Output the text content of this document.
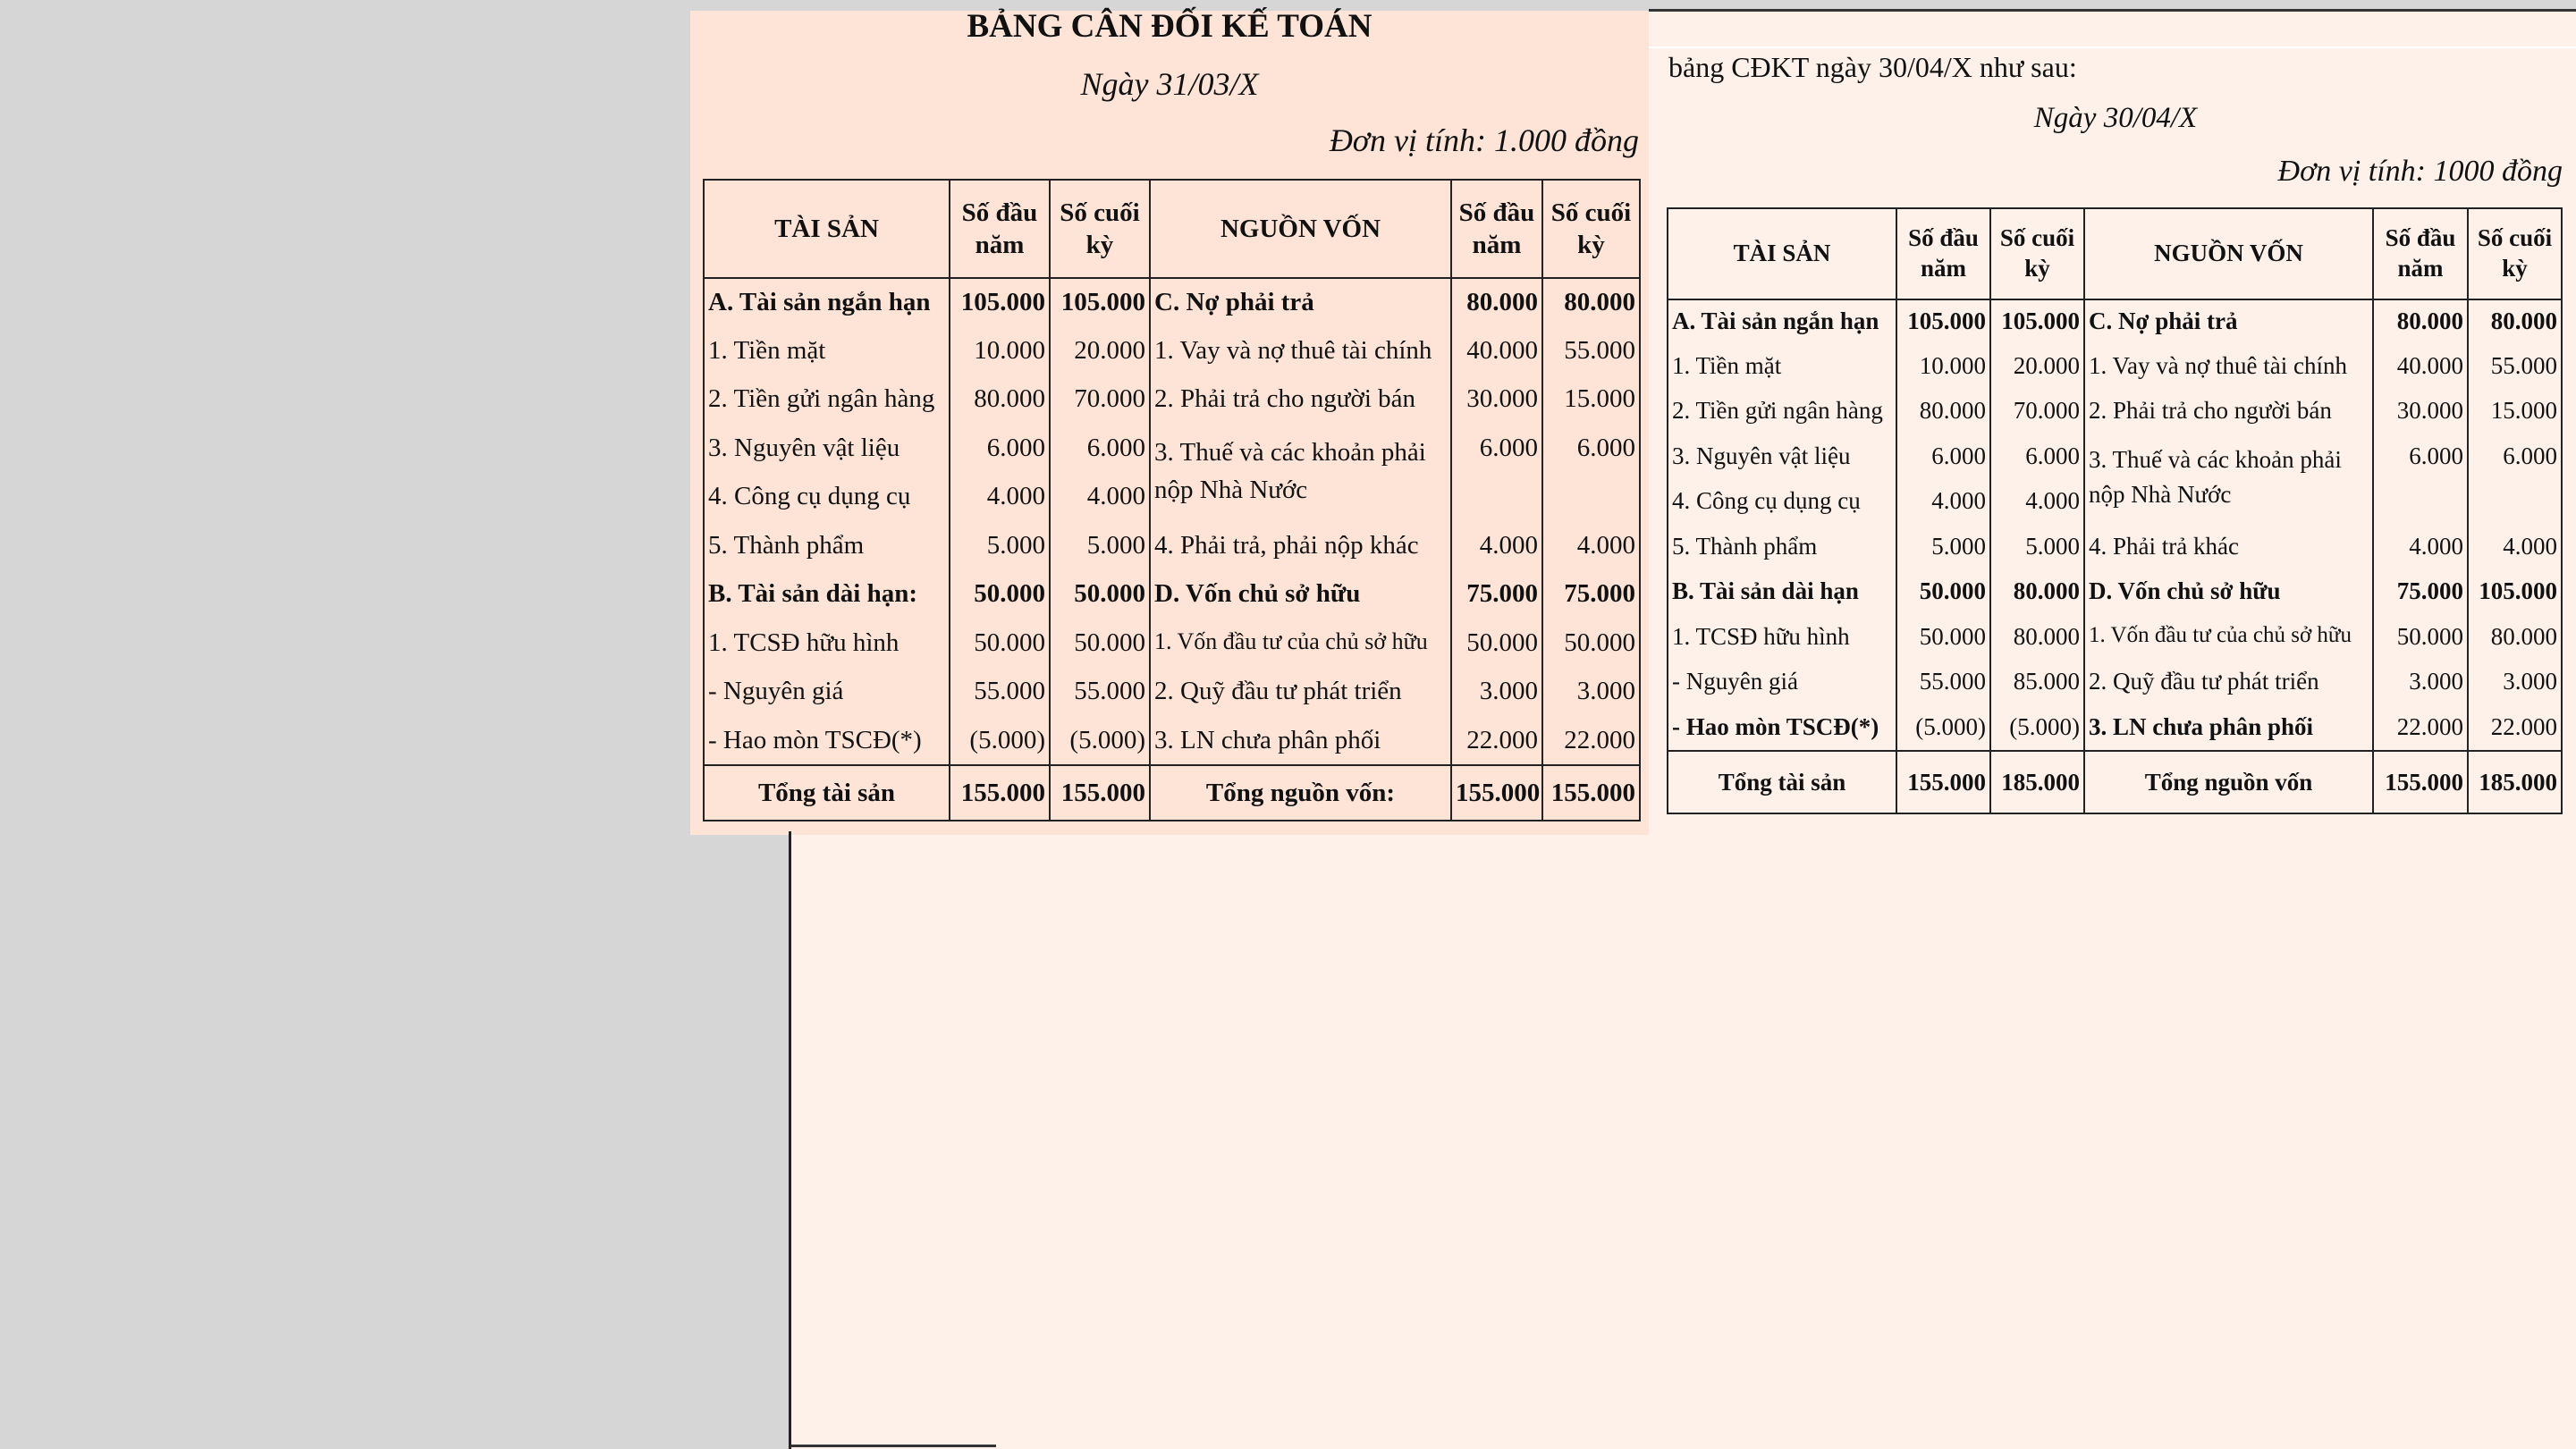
BẢNG CÂN ĐỐI KẾ TOÁN
Ngày 31/03/X
Đơn vị tính: 1.000 đồng
TÀI SẢN	Số đầu năm	Số cuối kỳ	NGUỒN VỐN	Số đầu năm	Số cuối kỳ
A. Tài sản ngắn hạn	105.000	105.000	C. Nợ phải trả	80.000	80.000
1. Tiền mặt	10.000	20.000	1. Vay và nợ thuê tài chính	40.000	55.000
2. Tiền gửi ngân hàng	80.000	70.000	2. Phải trả cho người bán	30.000	15.000
3. Nguyên vật liệu	6.000	6.000	3. Thuế và các khoản phải nộp Nhà Nước	6.000	6.000
4. Công cụ dụng cụ	4.000	4.000			
5. Thành phẩm	5.000	5.000	4. Phải trả, phải nộp khác	4.000	4.000
B. Tài sản dài hạn:	50.000	50.000	D. Vốn chủ sở hữu	75.000	75.000
1. TCSĐ hữu hình	50.000	50.000	1. Vốn đầu tư của chủ sở hữu	50.000	50.000
- Nguyên giá	55.000	55.000	2. Quỹ đầu tư phát triển	3.000	3.000
- Hao mòn TSCĐ(*)	(5.000)	(5.000)	3. LN chưa phân phối	22.000	22.000
Tổng tài sản	155.000	155.000	Tổng nguồn vốn:	155.000	155.000
bảng CĐKT ngày 30/04/X như sau:
Ngày 30/04/X
Đơn vị tính: 1000 đồng
TÀI SẢN	Số đầu năm	Số cuối kỳ	NGUỒN VỐN	Số đầu năm	Số cuối kỳ
A. Tài sản ngắn hạn	105.000	105.000	C. Nợ phải trả	80.000	80.000
1. Tiền mặt	10.000	20.000	1. Vay và nợ thuê tài chính	40.000	55.000
2. Tiền gửi ngân hàng	80.000	70.000	2. Phải trả cho người bán	30.000	15.000
3. Nguyên vật liệu	6.000	6.000	3. Thuế và các khoản phải nộp Nhà Nước	6.000	6.000
4. Công cụ dụng cụ	4.000	4.000			
5. Thành phẩm	5.000	5.000	4. Phải trả khác	4.000	4.000
B. Tài sản dài hạn	50.000	80.000	D. Vốn chủ sở hữu	75.000	105.000
1. TCSĐ hữu hình	50.000	80.000	1. Vốn đầu tư của chủ sở hữu	50.000	80.000
- Nguyên giá	55.000	85.000	2. Quỹ đầu tư phát triển	3.000	3.000
- Hao mòn TSCĐ(*)	(5.000)	(5.000)	3. LN chưa phân phối	22.000	22.000
Tổng tài sản	155.000	185.000	Tổng nguồn vốn	155.000	185.000
